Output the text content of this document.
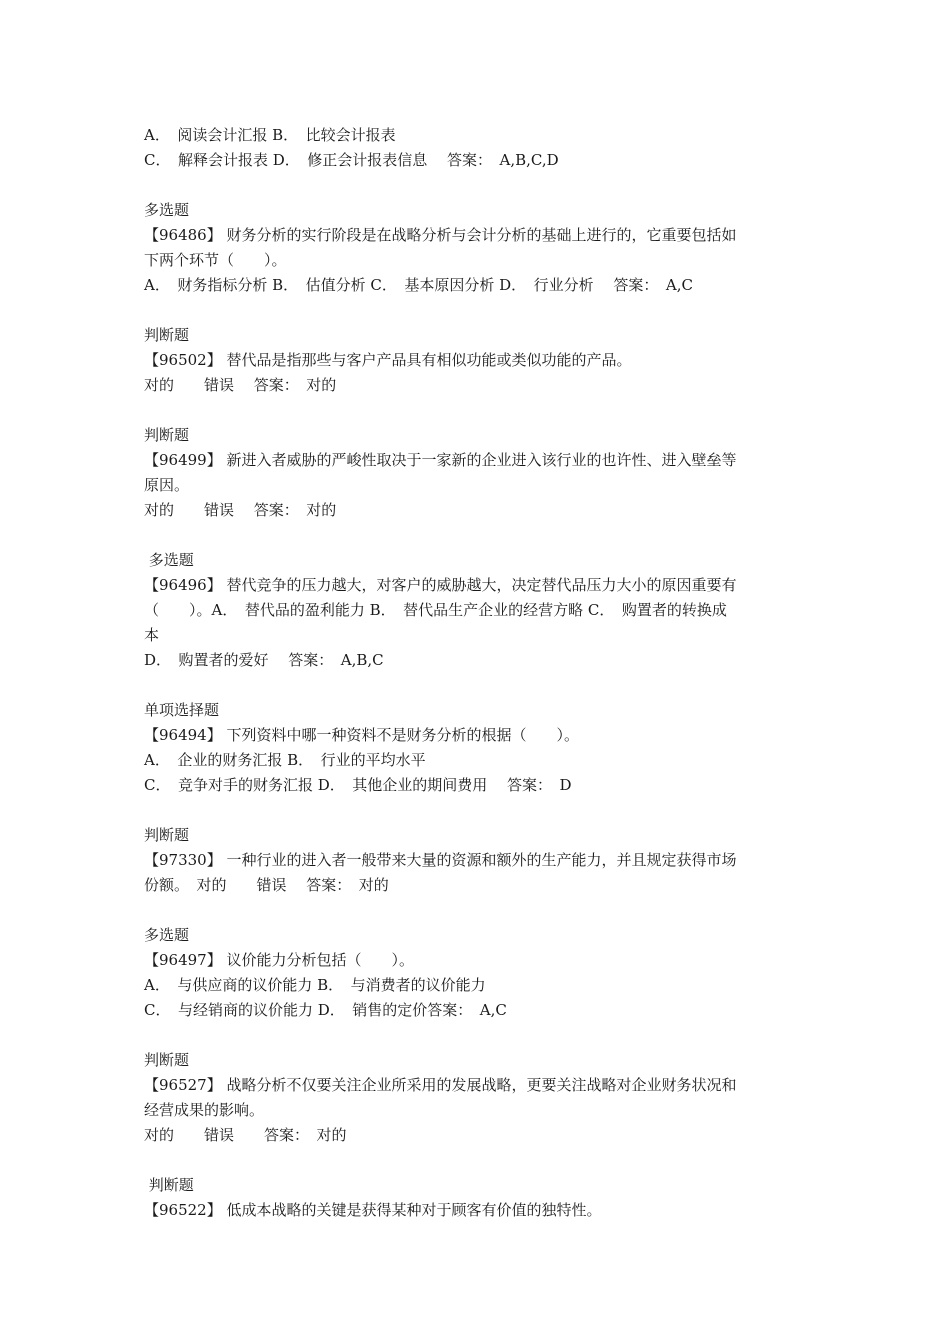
A．　阅读会计汇报 B．　比较会计报表
C．　解释会计报表 D．　修正会计报表信息　 答案：　A,B,C,D
多选题
【96486】 财务分析的实行阶段是在战略分析与会计分析的基础上进行的，它重要包括如
下两个环节（　　）。
A．　财务指标分析 B．　估值分析 C．　基本原因分析 D．　行业分析　 答案：　A,C
判断题
【96502】 替代品是指那些与客户产品具有相似功能或类似功能的产品。
对的　　错误　 答案：　对的
判断题
【96499】 新进入者威胁的严峻性取决于一家新的企业进入该行业的也许性、进入壁垒等
原因。
对的　　错误　 答案：　对的
多选题
【96496】 替代竞争的压力越大，对客户的威胁越大，决定替代品压力大小的原因重要有
（　　）。A．　替代品的盈利能力 B．　替代品生产企业的经营方略 C．　购置者的转换成
本
D．　购置者的爱好　 答案：　A,B,C
单项选择题
【96494】 下列资料中哪一种资料不是财务分析的根据（　　）。
A．　企业的财务汇报 B．　行业的平均水平
C．　竞争对手的财务汇报 D．　其他企业的期间费用　 答案：　D
判断题
【97330】 一种行业的进入者一般带来大量的资源和额外的生产能力，并且规定获得市场
份额。　对的　　错误　 答案：　对的
多选题
【96497】 议价能力分析包括（　　）。
A．　与供应商的议价能力 B．　与消费者的议价能力
C．　与经销商的议价能力 D．　销售的定价答案：　A,C
判断题
【96527】 战略分析不仅要关注企业所采用的发展战略，更要关注战略对企业财务状况和
经营成果的影响。
对的　　错误　　答案：　对的
判断题
【96522】 低成本战略的关键是获得某种对于顾客有价值的独特性。
